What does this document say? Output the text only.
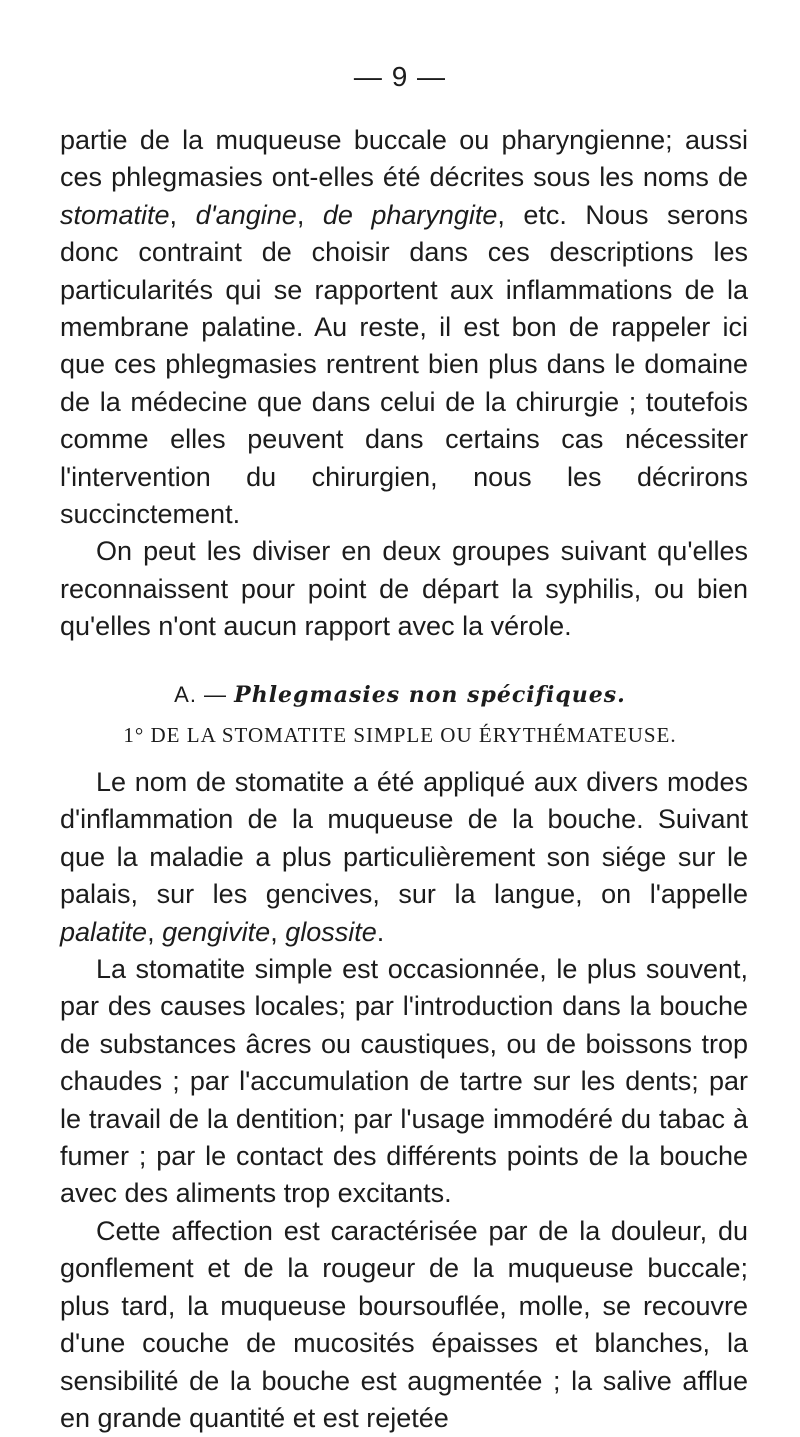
— 9 —

partie de la muqueuse buccale ou pharyngienne; aussi ces phlegmasies ont-elles été décrites sous les noms de stomatite, d'angine, de pharyngite, etc. Nous serons donc contraint de choisir dans ces descriptions les particularités qui se rapportent aux inflammations de la membrane palatine. Au reste, il est bon de rappeler ici que ces phlegmasies rentrent bien plus dans le domaine de la médecine que dans celui de la chirurgie ; toutefois comme elles peuvent dans certains cas nécessiter l'intervention du chirurgien, nous les décrirons succinctement.

On peut les diviser en deux groupes suivant qu'elles reconnaissent pour point de départ la syphilis, ou bien qu'elles n'ont aucun rapport avec la vérole.

A. — Phlegmasies non spécifiques.
1° DE LA STOMATITE SIMPLE OU ÉRYTHÉMATEUSE.

Le nom de stomatite a été appliqué aux divers modes d'inflammation de la muqueuse de la bouche. Suivant que la maladie a plus particulièrement son siége sur le palais, sur les gencives, sur la langue, on l'appelle palatite, gengivite, glossite.

La stomatite simple est occasionnée, le plus souvent, par des causes locales; par l'introduction dans la bouche de substances âcres ou caustiques, ou de boissons trop chaudes ; par l'accumulation de tartre sur les dents; par le travail de la dentition; par l'usage immodéré du tabac à fumer ; par le contact des différents points de la bouche avec des aliments trop excitants.

Cette affection est caractérisée par de la douleur, du gonflement et de la rougeur de la muqueuse buccale; plus tard, la muqueuse boursouflée, molle, se recouvre d'une couche de mucosités épaisses et blanches, la sensibilité de la bouche est augmentée ; la salive afflue en grande quantité et est rejetée
